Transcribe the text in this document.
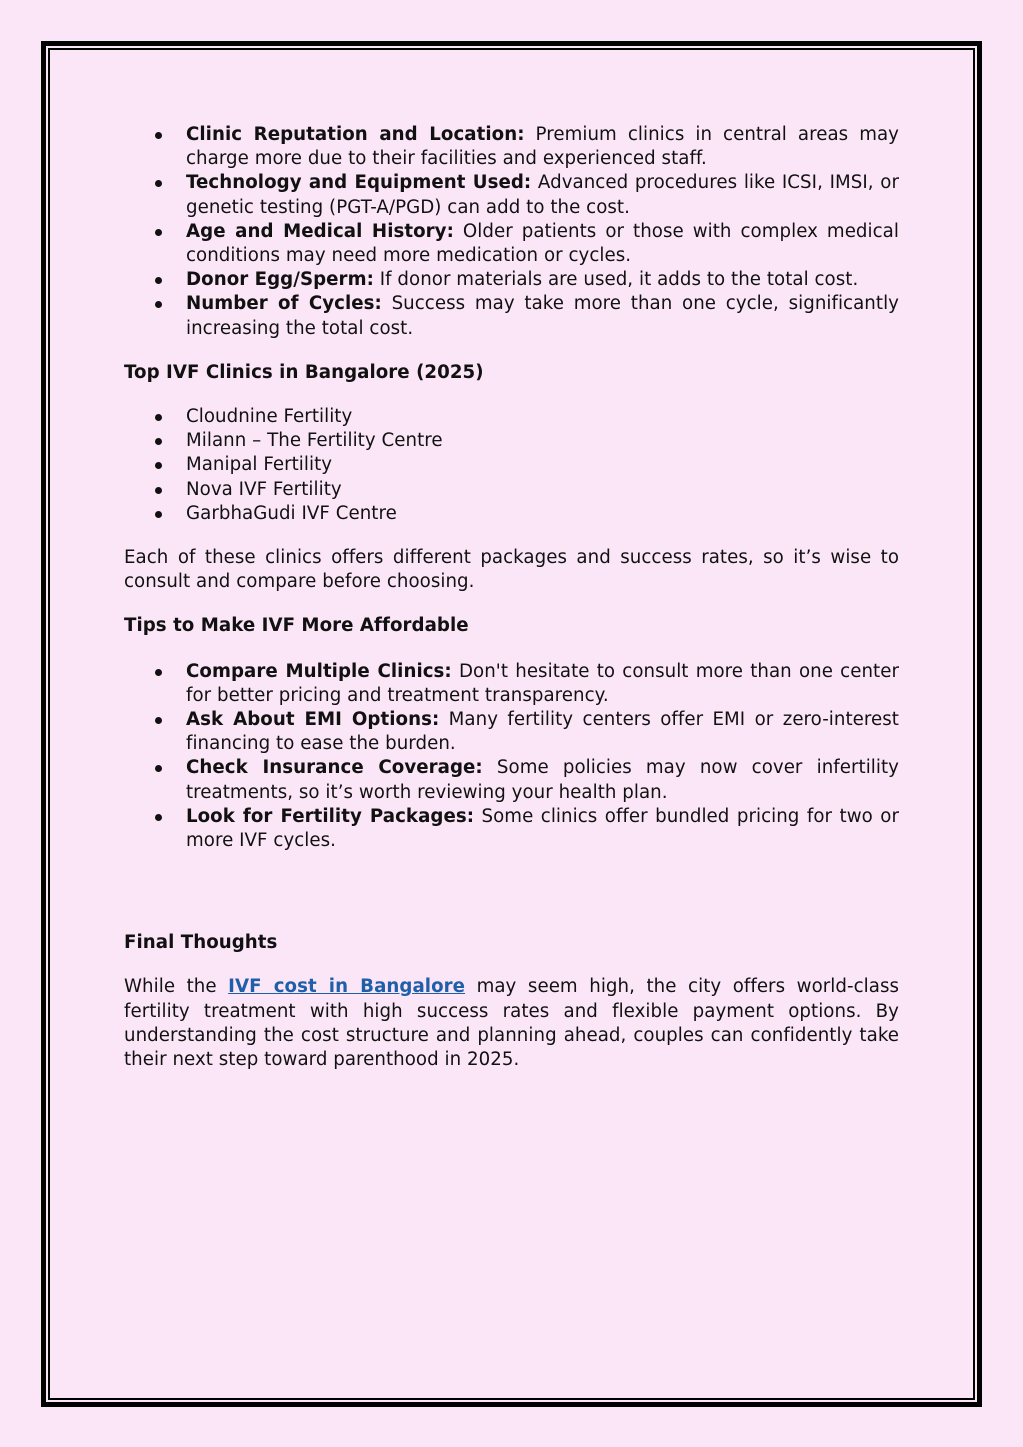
Clinic Reputation and Location: Premium clinics in central areas may charge more due to their facilities and experienced staff.
Technology and Equipment Used: Advanced procedures like ICSI, IMSI, or genetic testing (PGT-A/PGD) can add to the cost.
Age and Medical History: Older patients or those with complex medical conditions may need more medication or cycles.
Donor Egg/Sperm: If donor materials are used, it adds to the total cost.
Number of Cycles: Success may take more than one cycle, significantly increasing the total cost.
Top IVF Clinics in Bangalore (2025)
Cloudnine Fertility
Milann – The Fertility Centre
Manipal Fertility
Nova IVF Fertility
GarbhaGudi IVF Centre

Each of these clinics offers different packages and success rates, so it’s wise to consult and compare before choosing.

Tips to Make IVF More Affordable
Compare Multiple Clinics: Don't hesitate to consult more than one center for better pricing and treatment transparency.
Ask About EMI Options: Many fertility centers offer EMI or zero-interest financing to ease the burden.
Check Insurance Coverage: Some policies may now cover infertility treatments, so it’s worth reviewing your health plan.
Look for Fertility Packages: Some clinics offer bundled pricing for two or more IVF cycles.
Final Thoughts

While the IVF cost in Bangalore may seem high, the city offers world-class fertility treatment with high success rates and flexible payment options. By understanding the cost structure and planning ahead, couples can confidently take their next step toward parenthood in 2025.
